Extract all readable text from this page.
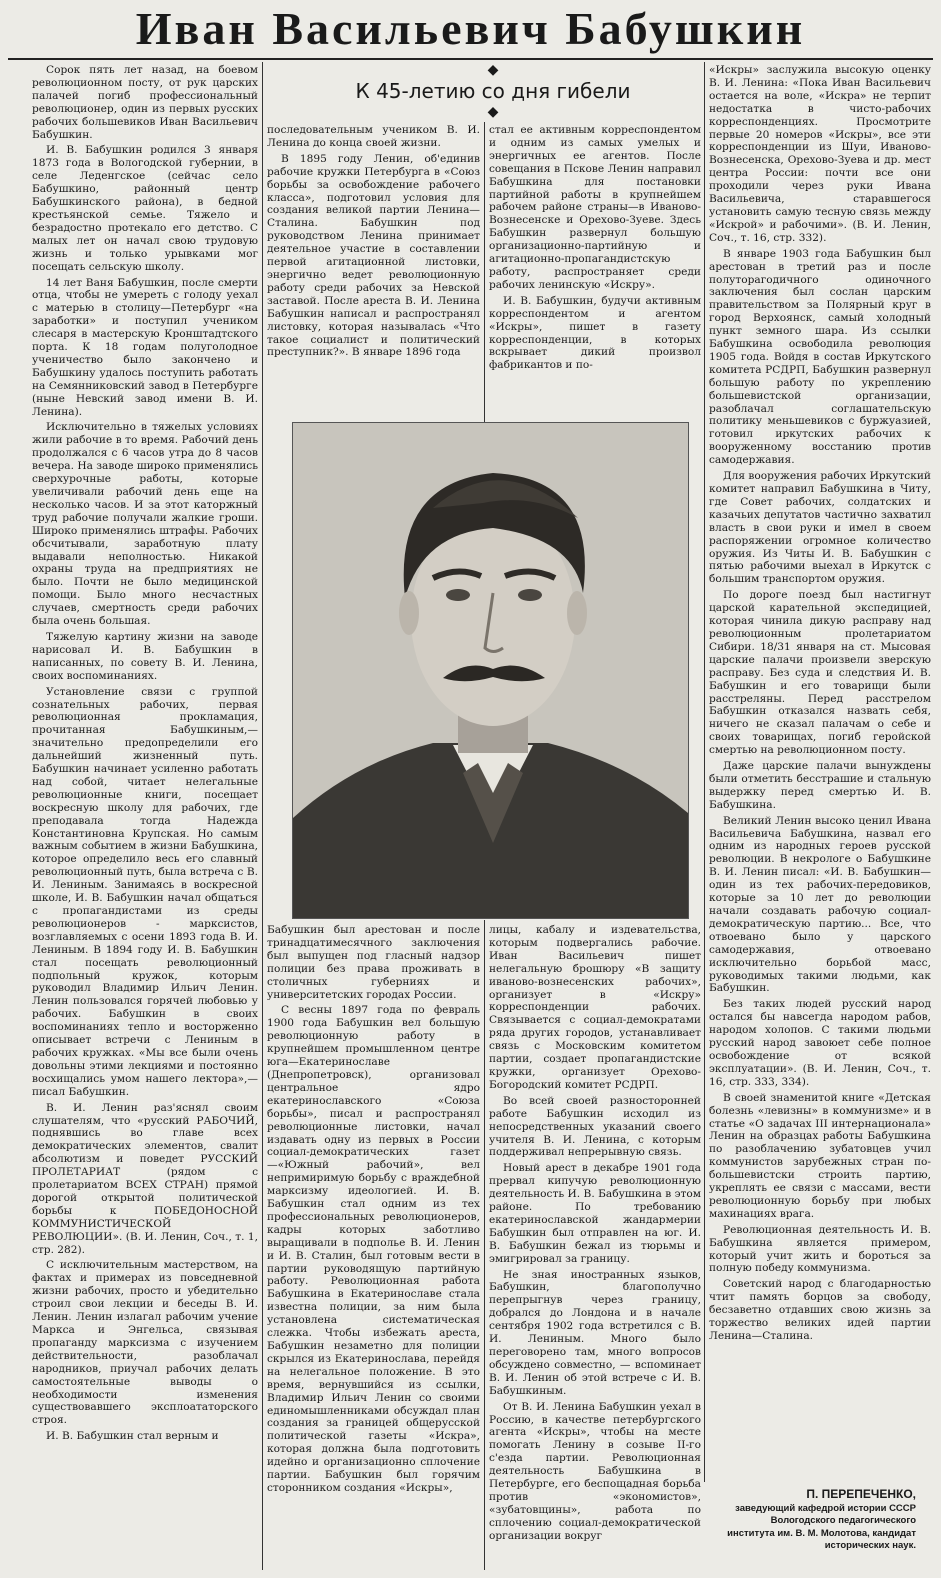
Иван Васильевич Бабушкин
◆
К 45-летию со дня гибели
◆

Сорок пять лет назад, на боевом революционном посту, от рук царских палачей погиб профессиональный революционер, один из первых русских рабочих большевиков Иван Васильевич Бабушкин.

И. В. Бабушкин родился 3 января 1873 года в Вологодской губернии, в селе Леденгское (сейчас село Бабушкино, районный центр Бабушкинского района), в бедной крестьянской семье. Тяжело и безрадостно протекало его детство. С малых лет он начал свою трудовую жизнь и только урывками мог посещать сельскую школу.

14 лет Ваня Бабушкин, после смерти отца, чтобы не умереть с голоду уехал с матерью в столицу—Петербург «на заработки» и поступил учеником слесаря в мастерскую Кронштадтского порта. К 18 годам полуголодное ученичество было закончено и Бабушкину удалось поступить работать на Семянниковский завод в Петербурге (ныне Невский завод имени В. И. Ленина).

Исключительно в тяжелых условиях жили рабочие в то время. Рабочий день продолжался с 6 часов утра до 8 часов вечера. На заводе широко применялись сверхурочные работы, которые увеличивали рабочий день еще на несколько часов. И за этот каторжный труд рабочие получали жалкие гроши. Широко применялись штрафы. Рабочих обсчитывали, заработную плату выдавали неполностью. Никакой охраны труда на предприятиях не было. Почти не было медицинской помощи. Было много несчастных случаев, смертность среди рабочих была очень большая.

Тяжелую картину жизни на заводе нарисовал И. В. Бабушкин в написанных, по совету В. И. Ленина, своих воспоминаниях.

Установление связи с группой сознательных рабочих, первая революционная прокламация, прочитанная Бабушкиным,—значительно предопределили его дальнейший жизненный путь. Бабушкин начинает усиленно работать над собой, читает нелегальные революционные книги, посещает воскресную школу для рабочих, где преподавала тогда Надежда Константиновна Крупская. Но самым важным событием в жизни Бабушкина, которое определило весь его славный революционный путь, была встреча с В. И. Лениным. Занимаясь в воскресной школе, И. В. Бабушкин начал общаться с пропагандистами из среды революционеров - марксистов, возглавляемых с осени 1893 года В. И. Лениным. В 1894 году И. В. Бабушкин стал посещать революционный подпольный кружок, которым руководил Владимир Ильич Ленин. Ленин пользовался горячей любовью у рабочих. Бабушкин в своих воспоминаниях тепло и восторженно описывает встречи с Лениным в рабочих кружках. «Мы все были очень довольны этими лекциями и постоянно восхищались умом нашего лектора»,—писал Бабушкин.

В. И. Ленин раз'яснял своим слушателям, что «русский РАБОЧИЙ, поднявшись во главе всех демократических элементов, свалит абсолютизм и поведет РУССКИЙ ПРОЛЕТАРИАТ (рядом с пролетариатом ВСЕХ СТРАН) прямой дорогой открытой политической борьбы к ПОБЕДОНОСНОЙ КОММУНИСТИЧЕСКОЙ РЕВОЛЮЦИИ». (В. И. Ленин, Соч., т. 1, стр. 282).

С исключительным мастерством, на фактах и примерах из повседневной жизни рабочих, просто и убедительно строил свои лекции и беседы В. И. Ленин. Ленин излагал рабочим учение Маркса и Энгельса, связывая пропаганду марксизма с изучением действительности, разоблачал народников, приучал рабочих делать самостоятельные выводы о необходимости изменения существовавшего эксплоататорского строя.

И. В. Бабушкин стал верным и

последовательным учеником В. И. Ленина до конца своей жизни.

В 1895 году Ленин, об'единив рабочие кружки Петербурга в «Союз борьбы за освобождение рабочего класса», подготовил условия для создания великой партии Ленина—Сталина. Бабушкин под руководством Ленина принимает деятельное участие в составлении первой агитационной листовки, энергично ведет революционную работу среди рабочих за Невской заставой. После ареста В. И. Ленина Бабушкин написал и распространял листовку, которая называлась «Что такое социалист и политический преступник?». В январе 1896 года

стал ее активным корреспондентом и одним из самых умелых и энергичных ее агентов. После совещания в Пскове Ленин направил Бабушкина для постановки партийной работы в крупнейшем рабочем районе страны—в Иваново-Вознесенске и Орехово-Зуеве. Здесь Бабушкин развернул большую организационно-партийную и агитационно-пропагандистскую работу, распространяет среди рабочих ленинскую «Искру».

И. В. Бабушкин, будучи активным корреспондентом и агентом «Искры», пишет в газету корреспонденции, в которых вскрывает дикий произвол фабрикантов и по-

Бабушкин был арестован и после тринадцатимесячного заключения был выпущен под гласный надзор полиции без права проживать в столичных губерниях и университетских городах России.

С весны 1897 года по февраль 1900 года Бабушкин вел большую революционную работу в крупнейшем промышленном центре юга—Екатеринославе (Днепропетровск), организовал центральное ядро екатеринославского «Союза борьбы», писал и распространял революционные листовки, начал издавать одну из первых в России социал-демократических газет—«Южный рабочий», вел непримиримую борьбу с враждебной марксизму идеологией. И. В. Бабушкин стал одним из тех профессиональных революционеров, кадры которых заботливо выращивали в подполье В. И. Ленин и И. В. Сталин, был готовым вести в партии руководящую партийную работу. Революционная работа Бабушкина в Екатеринославе стала известна полиции, за ним была установлена систематическая слежка. Чтобы избежать ареста, Бабушкин незаметно для полиции скрылся из Екатеринослава, перейдя на нелегальное положение. В это время, вернувшийся из ссылки, Владимир Ильич Ленин со своими единомышленниками обсуждал план создания за границей общерусской политической газеты «Искра», которая должна была подготовить идейно и организационно сплочение партии. Бабушкин был горячим сторонником создания «Искры»,

лицы, кабалу и издевательства, которым подвергались рабочие. Иван Васильевич пишет нелегальную брошюру «В защиту иваново-вознесенских рабочих», организует в «Искру» корреспонденции рабочих. Связывается с социал-демократами ряда других городов, устанавливает связь с Московским комитетом партии, создает пропагандистские кружки, организует Орехово-Богородский комитет РСДРП.

Во всей своей разносторонней работе Бабушкин исходил из непосредственных указаний своего учителя В. И. Ленина, с которым поддерживал непрерывную связь.

Новый арест в декабре 1901 года прервал кипучую революционную деятельность И. В. Бабушкина в этом районе. По требованию екатеринославской жандармерии Бабушкин был отправлен на юг. И. В. Бабушкин бежал из тюрьмы и эмигрировал за границу.

Не зная иностранных языков, Бабушкин, благополучно перепрыгнув через границу, добрался до Лондона и в начале сентября 1902 года встретился с В. И. Лениным. Много было переговорено там, много вопросов обсуждено совместно, — вспоминает В. И. Ленин об этой встрече с И. В. Бабушкиным.

От В. И. Ленина Бабушкин уехал в Россию, в качестве петербургского агента «Искры», чтобы на месте помогать Ленину в созыве II-го с'езда партии. Революционная деятельность Бабушкина в Петербурге, его беспощадная борьба против «экономистов», «зубатовщины», работа по сплочению социал-демократической организации вокруг

«Искры» заслужила высокую оценку В. И. Ленина: «Пока Иван Васильевич остается на воле, «Искра» не терпит недостатка в чисто-рабочих корреспонденциях. Просмотрите первые 20 номеров «Искры», все эти корреспонденции из Шуи, Иваново-Вознесенска, Орехово-Зуева и др. мест центра России: почти все они проходили через руки Ивана Васильевича, старавшегося установить самую тесную связь между «Искрой» и рабочими». (В. И. Ленин, Соч., т. 16, стр. 332).

В январе 1903 года Бабушкин был арестован в третий раз и после полуторагодичного одиночного заключения был сослан царским правительством за Полярный круг в город Верхоянск, самый холодный пункт земного шара. Из ссылки Бабушкина освободила революция 1905 года. Войдя в состав Иркутского комитета РСДРП, Бабушкин развернул большую работу по укреплению большевистской организации, разоблачал соглашательскую политику меньшевиков с буржуазией, готовил иркутских рабочих к вооруженному восстанию против самодержавия.

Для вооружения рабочих Иркутский комитет направил Бабушкина в Читу, где Совет рабочих, солдатских и казачьих депутатов частично захватил власть в свои руки и имел в своем распоряжении огромное количество оружия. Из Читы И. В. Бабушкин с пятью рабочими выехал в Иркутск с большим транспортом оружия.

По дороге поезд был настигнут царской карательной экспедицией, которая чинила дикую расправу над революционным пролетариатом Сибири. 18/31 января на ст. Мысовая царские палачи произвели зверскую расправу. Без суда и следствия И. В. Бабушкин и его товарищи были расстреляны. Перед расстрелом Бабушкин отказался назвать себя, ничего не сказал палачам о себе и своих товарищах, погиб геройской смертью на революционном посту.

Даже царские палачи вынуждены были отметить бесстрашие и стальную выдержку перед смертью И. В. Бабушкина.

Великий Ленин высоко ценил Ивана Васильевича Бабушкина, назвал его одним из народных героев русской революции. В некрологе о Бабушкине В. И. Ленин писал: «И. В. Бабушкин—один из тех рабочих-передовиков, которые за 10 лет до революции начали создавать рабочую социал-демократическую партию... Все, что отвоевано было у царского самодержавия, отвоевано исключительно борьбой масс, руководимых такими людьми, как Бабушкин.

Без таких людей русский народ остался бы навсегда народом рабов, народом холопов. С такими людьми русский народ завоюет себе полное освобождение от всякой эксплуатации». (В. И. Ленин, Соч., т. 16, стр. 333, 334).

В своей знаменитой книге «Детская болезнь «левизны» в коммунизме» и в статье «О задачах III интернационала» Ленин на образцах работы Бабушкина по разоблачению зубатовцев учил коммунистов зарубежных стран по-большевистски строить партию, укреплять ее связи с массами, вести революционную борьбу при любых махинациях врага.

Революционная деятельность И. В. Бабушкина является примером, который учит жить и бороться за полную победу коммунизма.

Советский народ с благодарностью чтит память борцов за свободу, бесзаветно отдавших свою жизнь за торжество великих идей партии Ленина—Сталина.

П. ПЕРЕПЕЧЕНКО,
заведующий кафедрой истории СССР Вологодского педагогического института им. В. М. Молотова, кандидат исторических наук.
